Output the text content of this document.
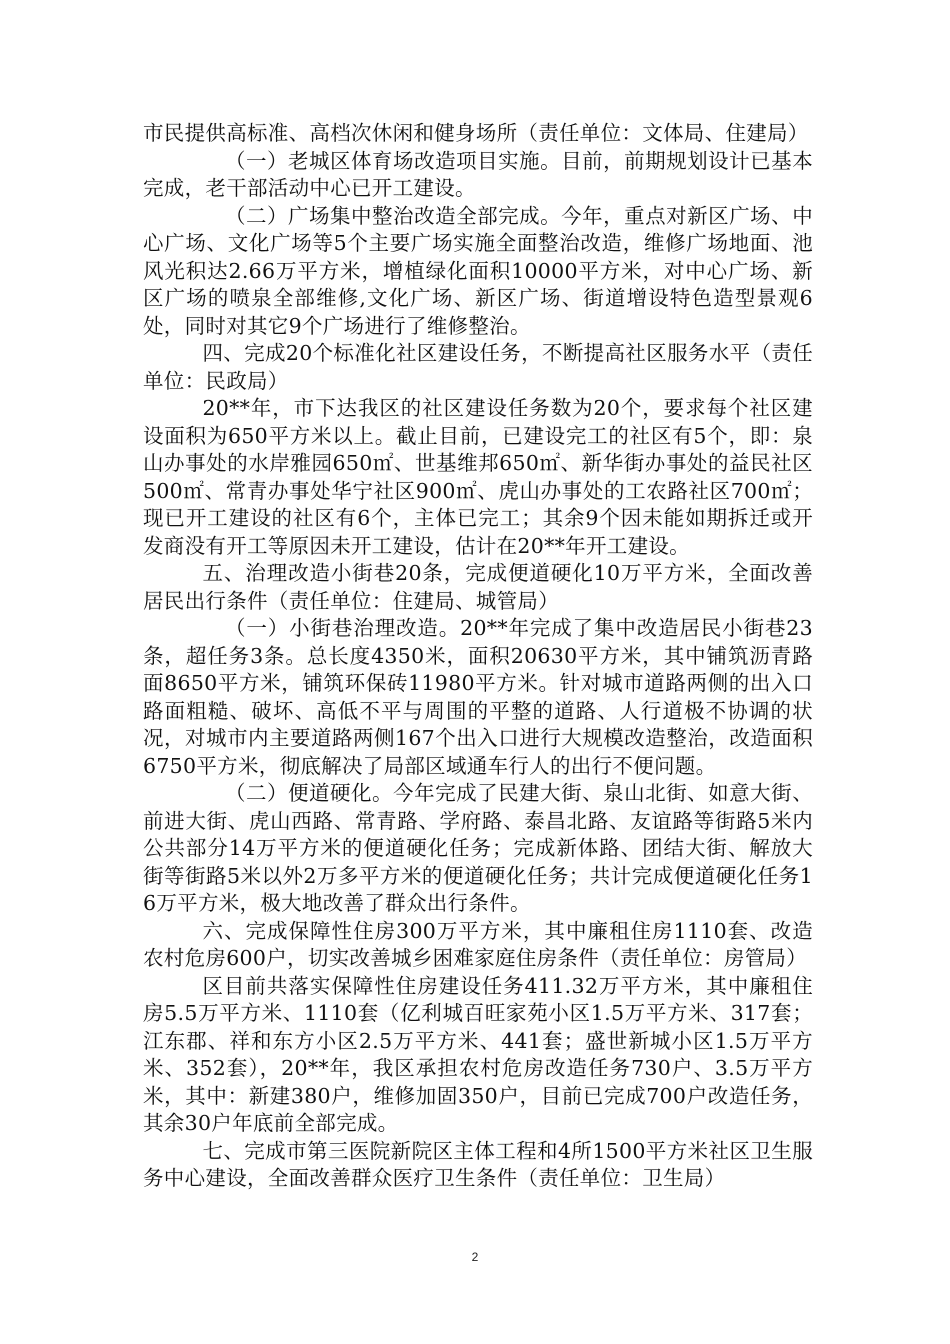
市民提供高标准、高档次休闲和健身场所（责任单位：文体局、住建局）

（一）老城区体育场改造项目实施。目前，前期规划设计已基本完成，老干部活动中心已开工建设。

（二）广场集中整治改造全部完成。今年，重点对新区广场、中心广场、文化广场等5个主要广场实施全面整治改造，维修广场地面、池风光积达2.66万平方米，增植绿化面积10000平方米，对中心广场、新区广场的喷泉全部维修,文化广场、新区广场、街道增设特色造型景观6处，同时对其它9个广场进行了维修整治。

四、完成20个标准化社区建设任务，不断提高社区服务水平（责任单位：民政局）

20**年，市下达我区的社区建设任务数为20个，要求每个社区建设面积为650平方米以上。截止目前，已建设完工的社区有5个，即：泉山办事处的水岸雅园650㎡、世基维邦650㎡、新华街办事处的益民社区500㎡、常青办事处华宁社区900㎡、虎山办事处的工农路社区700㎡；现已开工建设的社区有6个，主体已完工；其余9个因未能如期拆迁或开发商没有开工等原因未开工建设，估计在20**年开工建设。

五、治理改造小街巷20条，完成便道硬化10万平方米，全面改善居民出行条件（责任单位：住建局、城管局）

（一）小街巷治理改造。20**年完成了集中改造居民小街巷23条，超任务3条。总长度4350米，面积20630平方米，其中铺筑沥青路面8650平方米，铺筑环保砖11980平方米。针对城市道路两侧的出入口路面粗糙、破坏、高低不平与周围的平整的道路、人行道极不协调的状况，对城市内主要道路两侧167个出入口进行大规模改造整治，改造面积6750平方米，彻底解决了局部区域通车行人的出行不便问题。

（二）便道硬化。今年完成了民建大街、泉山北街、如意大街、前进大街、虎山西路、常青路、学府路、泰昌北路、友谊路等街路5米内公共部分14万平方米的便道硬化任务；完成新体路、团结大街、解放大街等街路5米以外2万多平方米的便道硬化任务；共计完成便道硬化任务16万平方米，极大地改善了群众出行条件。

六、完成保障性住房300万平方米，其中廉租住房1110套、改造农村危房600户，切实改善城乡困难家庭住房条件（责任单位：房管局）

区目前共落实保障性住房建设任务411.32万平方米，其中廉租住房5.5万平方米、1110套（亿利城百旺家苑小区1.5万平方米、317套；江东郡、祥和东方小区2.5万平方米、441套；盛世新城小区1.5万平方米、352套），20**年，我区承担农村危房改造任务730户、3.5万平方米，其中：新建380户，维修加固350户，目前已完成700户改造任务，其余30户年底前全部完成。

七、完成市第三医院新院区主体工程和4所1500平方米社区卫生服务中心建设，全面改善群众医疗卫生条件（责任单位：卫生局）

2
